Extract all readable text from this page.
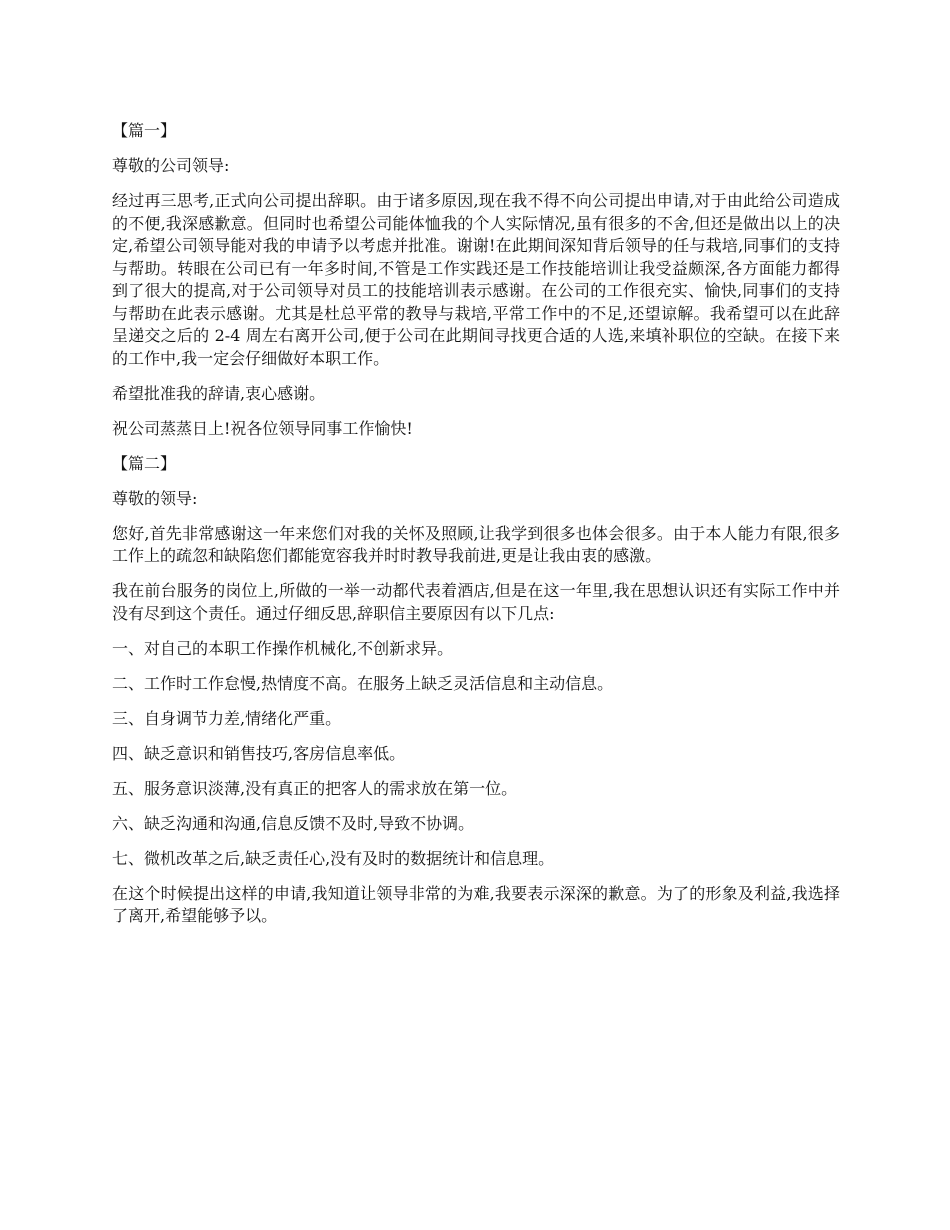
【篇一】

尊敬的公司领导:

经过再三思考,正式向公司提出辞职。由于诸多原因,现在我不得不向公司提出申请,对于由此给公司造成的不便,我深感歉意。但同时也希望公司能体恤我的个人实际情况,虽有很多的不舍,但还是做出以上的决定,希望公司领导能对我的申请予以考虑并批准。谢谢!在此期间深知背后领导的任与栽培,同事们的支持与帮助。转眼在公司已有一年多时间,不管是工作实践还是工作技能培训让我受益颇深,各方面能力都得到了很大的提高,对于公司领导对员工的技能培训表示感谢。在公司的工作很充实、愉快,同事们的支持与帮助在此表示感谢。尤其是杜总平常的教导与栽培,平常工作中的不足,还望谅解。我希望可以在此辞呈递交之后的 2-4 周左右离开公司,便于公司在此期间寻找更合适的人选,来填补职位的空缺。在接下来的工作中,我一定会仔细做好本职工作。

希望批准我的辞请,衷心感谢。

祝公司蒸蒸日上!祝各位领导同事工作愉快!

【篇二】

尊敬的领导:

您好,首先非常感谢这一年来您们对我的关怀及照顾,让我学到很多也体会很多。由于本人能力有限,很多工作上的疏忽和缺陷您们都能宽容我并时时教导我前进,更是让我由衷的感激。

我在前台服务的岗位上,所做的一举一动都代表着酒店,但是在这一年里,我在思想认识还有实际工作中并没有尽到这个责任。通过仔细反思,辞职信主要原因有以下几点:

一、对自己的本职工作操作机械化,不创新求异。

二、工作时工作怠慢,热情度不高。在服务上缺乏灵活信息和主动信息。

三、自身调节力差,情绪化严重。

四、缺乏意识和销售技巧,客房信息率低。

五、服务意识淡薄,没有真正的把客人的需求放在第一位。

六、缺乏沟通和沟通,信息反馈不及时,导致不协调。

七、微机改革之后,缺乏责任心,没有及时的数据统计和信息理。

在这个时候提出这样的申请,我知道让领导非常的为难,我要表示深深的歉意。为了的形象及利益,我选择了离开,希望能够予以。
